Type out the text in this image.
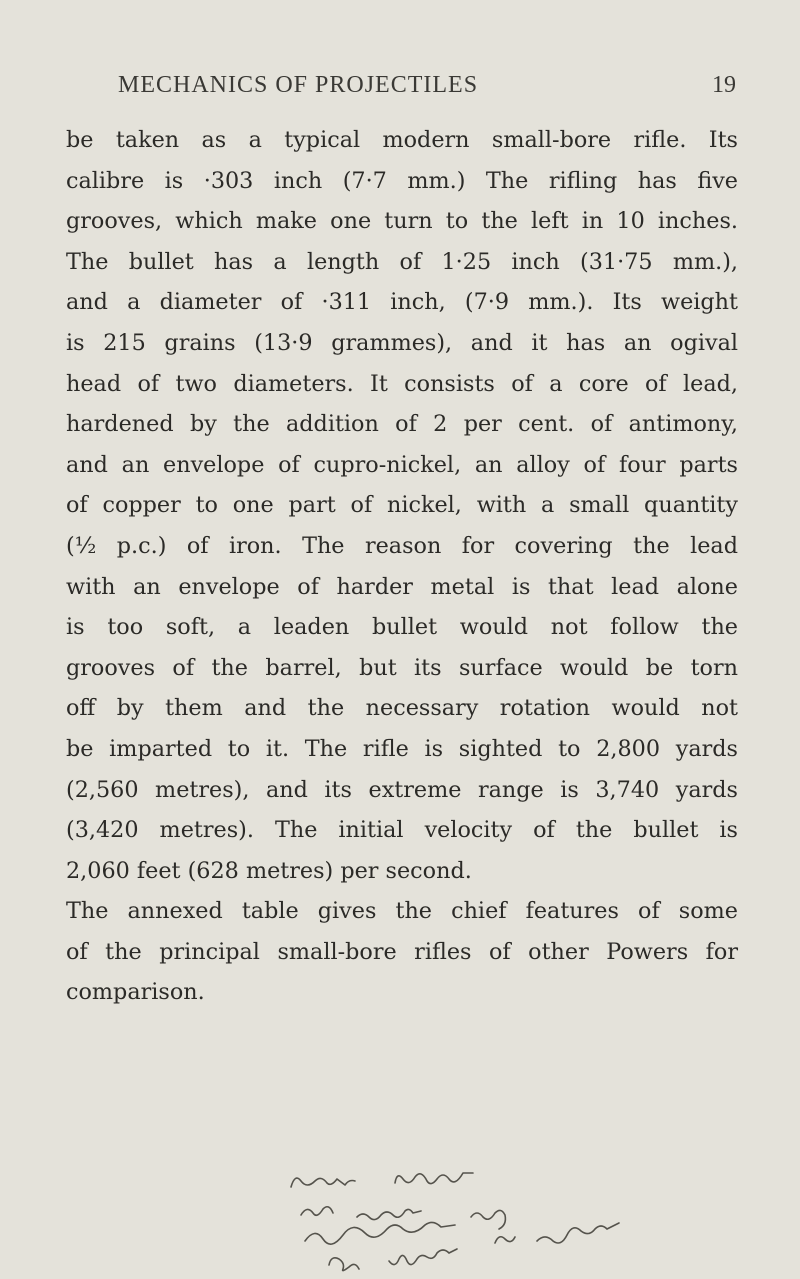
MECHANICS OF PROJECTILES	19
be taken as a typical modern small-bore rifle. Its
calibre is ·303 inch (7·7 mm.) The rifling has five
grooves, which make one turn to the left in 10 inches.
The bullet has a length of 1·25 inch (31·75 mm.),
and a diameter of ·311 inch, (7·9 mm.). Its weight
is 215 grains (13·9 grammes), and it has an ogival
head of two diameters. It consists of a core of lead,
hardened by the addition of 2 per cent. of antimony,
and an envelope of cupro-nickel, an alloy of four parts
of copper to one part of nickel, with a small quantity
(½ p.c.) of iron. The reason for covering the lead
with an envelope of harder metal is that lead alone
is too soft, a leaden bullet would not follow the
grooves of the barrel, but its surface would be torn
off by them and the necessary rotation would not
be imparted to it. The rifle is sighted to 2,800 yards
(2,560 metres), and its extreme range is 3,740 yards
(3,420 metres). The initial velocity of the bullet is
2,060 feet (628 metres) per second.
The annexed table gives the chief features of some
of the principal small-bore rifles of other Powers for
comparison.
